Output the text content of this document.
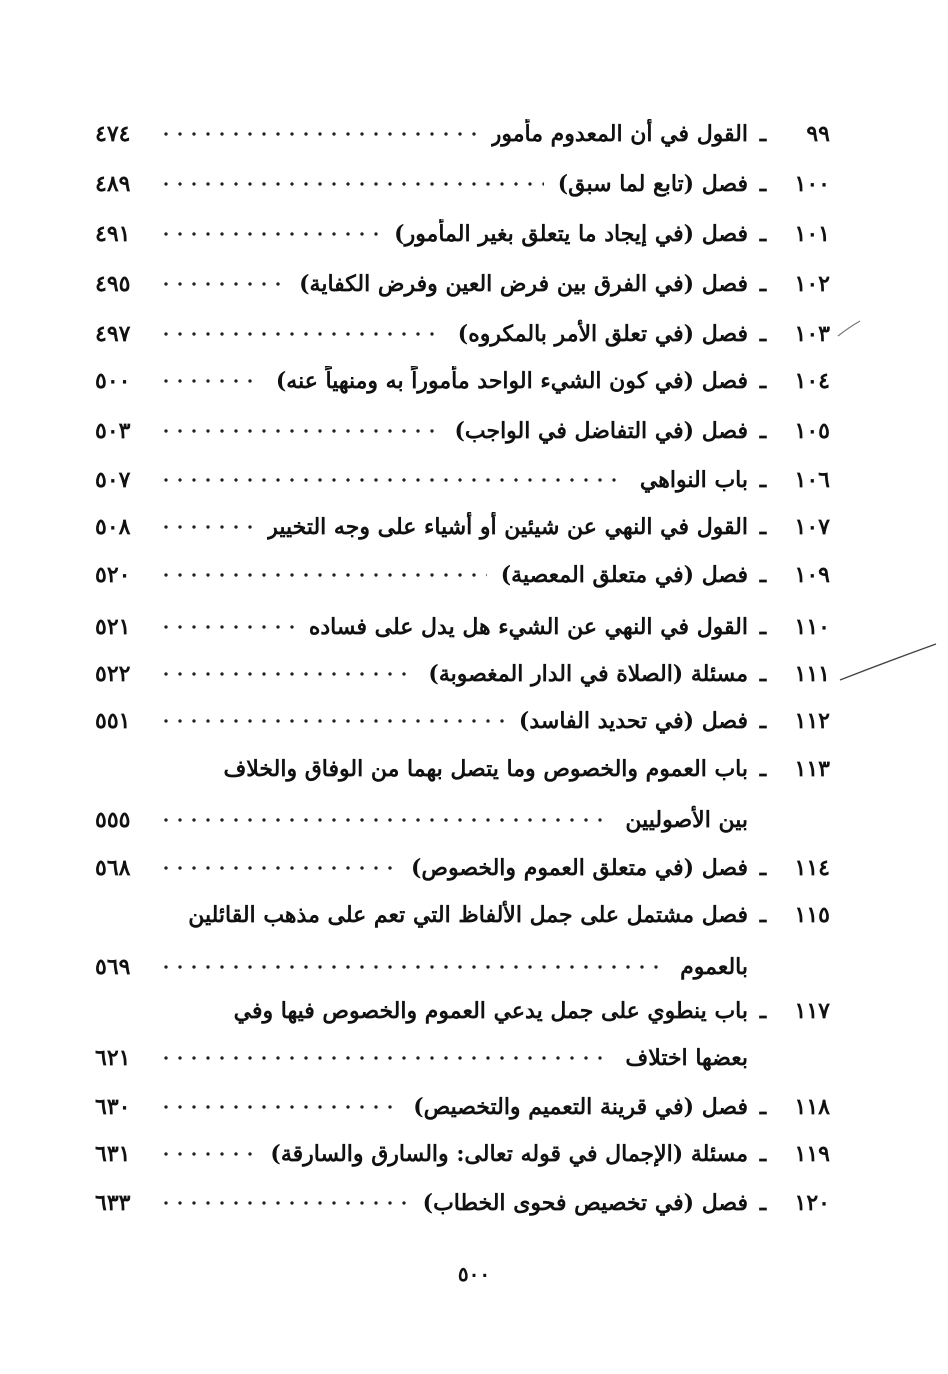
٩٩
ـ
القول في أن المعدوم مأمور
٤٧٤
١٠٠
ـ
فصل (تابع لما سبق)
٤٨٩
١٠١
ـ
فصل (في إيجاد ما يتعلق بغير المأمور)
٤٩١
١٠٢
ـ
فصل (في الفرق بين فرض العين وفرض الكفاية)
٤٩٥
١٠٣
ـ
فصل (في تعلق الأمر بالمكروه)
٤٩٧
١٠٤
ـ
فصل (في كون الشيء الواحد مأموراً به ومنهياً عنه)
٥٠٠
١٠٥
ـ
فصل (في التفاضل في الواجب)
٥٠٣
١٠٦
ـ
باب النواهي
٥٠٧
١٠٧
ـ
القول في النهي عن شيئين أو أشياء على وجه التخيير
٥٠٨
١٠٩
ـ
فصل (في متعلق المعصية)
٥٢٠
١١٠
ـ
القول في النهي عن الشيء هل يدل على فساده
٥٢١
١١١
ـ
مسئلة (الصلاة في الدار المغصوبة)
٥٢٢
١١٢
ـ
فصل (في تحديد الفاسد)
٥٥١
١١٣
ـ
باب العموم والخصوص وما يتصل بهما من الوفاق والخلاف
بين الأصوليين
٥٥٥
١١٤
ـ
فصل (في متعلق العموم والخصوص)
٥٦٨
١١٥
ـ
فصل مشتمل على جمل الألفاظ التي تعم على مذهب القائلين
بالعموم
٥٦٩
١١٧
ـ
باب ينطوي على جمل يدعي العموم والخصوص فيها وفي
بعضها اختلاف
٦٢١
١١٨
ـ
فصل (في قرينة التعميم والتخصيص)
٦٣٠
١١٩
ـ
مسئلة (الإجمال في قوله تعالى: والسارق والسارقة)
٦٣١
١٢٠
ـ
فصل (في تخصيص فحوى الخطاب)
٦٣٣
٥٠٠
